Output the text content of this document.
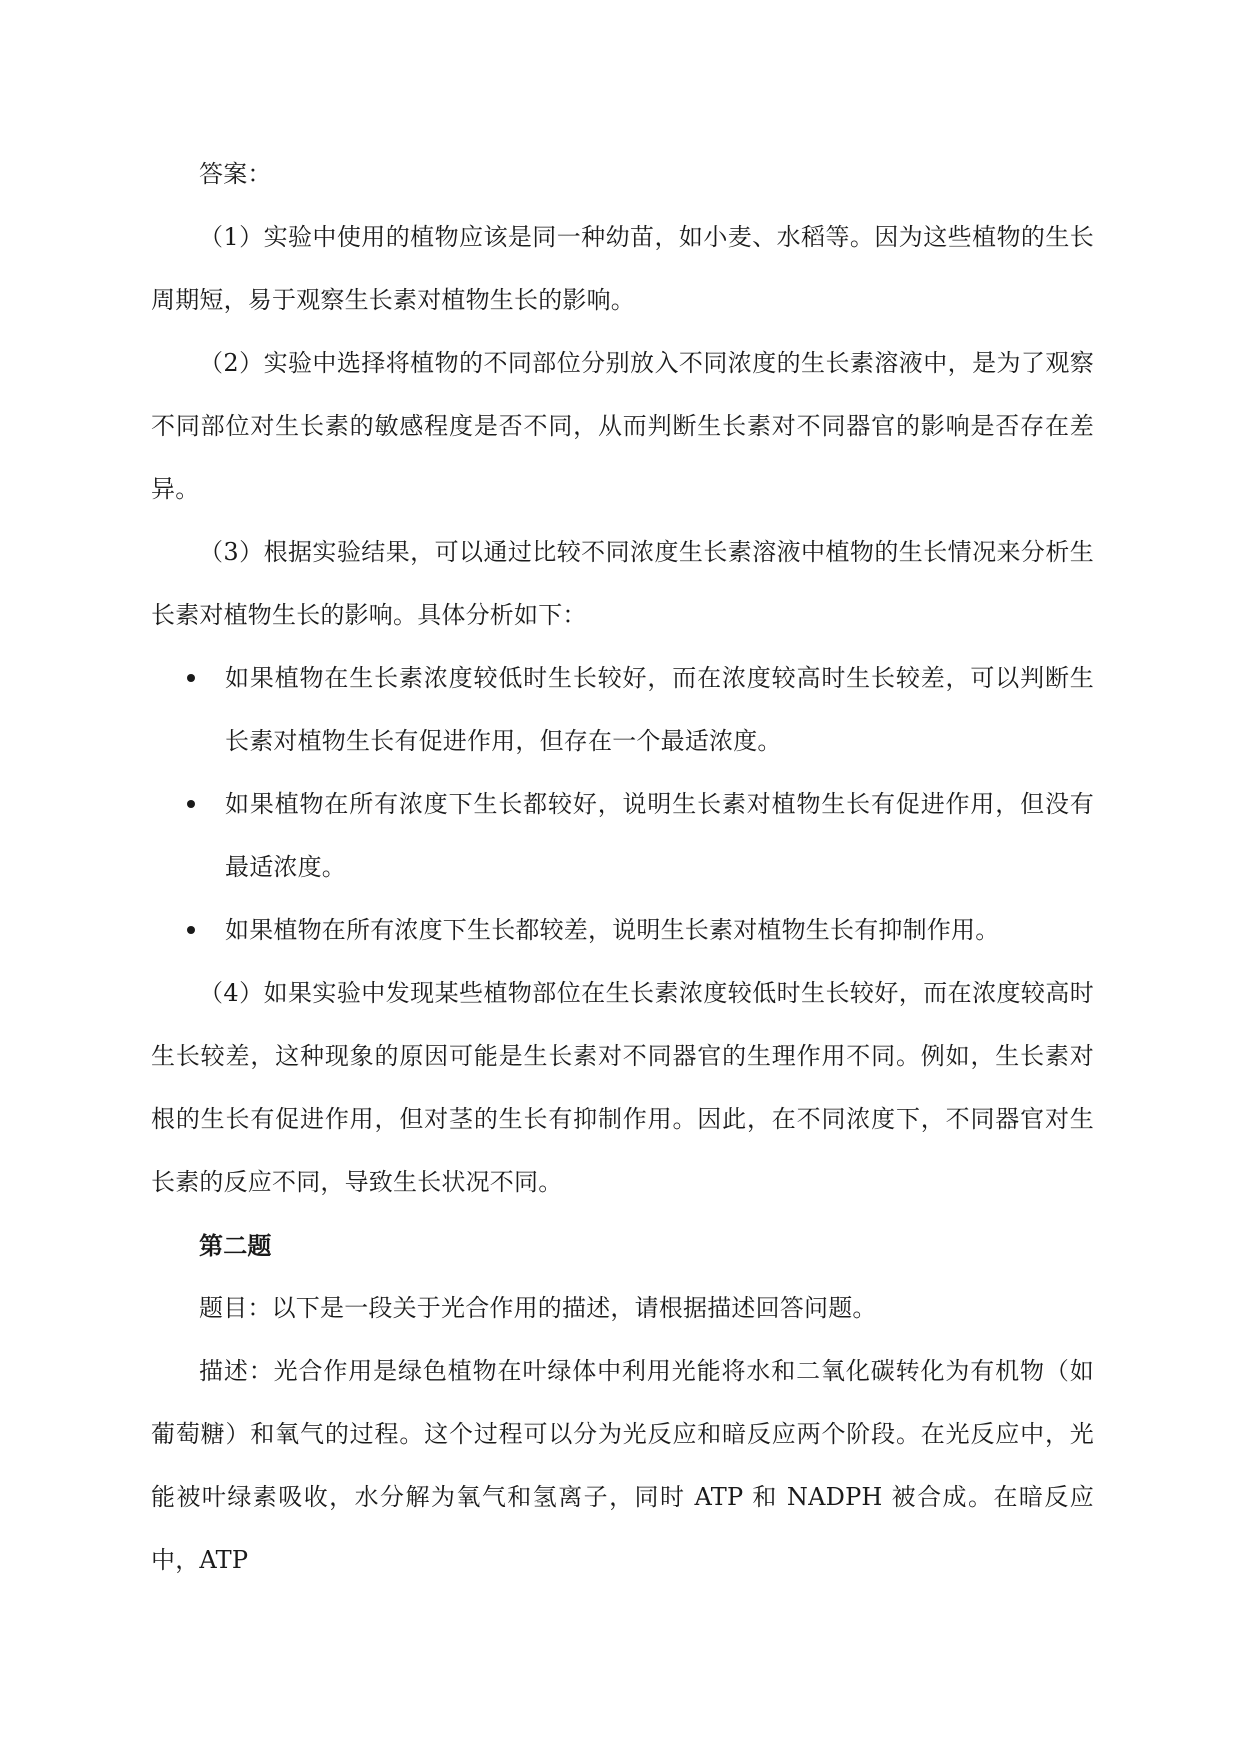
答案：

（1）实验中使用的植物应该是同一种幼苗，如小麦、水稻等。因为这些植物的生长周期短，易于观察生长素对植物生长的影响。

（2）实验中选择将植物的不同部位分别放入不同浓度的生长素溶液中，是为了观察不同部位对生长素的敏感程度是否不同，从而判断生长素对不同器官的影响是否存在差异。

（3）根据实验结果，可以通过比较不同浓度生长素溶液中植物的生长情况来分析生长素对植物生长的影响。具体分析如下：

如果植物在生长素浓度较低时生长较好，而在浓度较高时生长较差，可以判断生长素对植物生长有促进作用，但存在一个最适浓度。
如果植物在所有浓度下生长都较好，说明生长素对植物生长有促进作用，但没有最适浓度。
如果植物在所有浓度下生长都较差，说明生长素对植物生长有抑制作用。

（4）如果实验中发现某些植物部位在生长素浓度较低时生长较好，而在浓度较高时生长较差，这种现象的原因可能是生长素对不同器官的生理作用不同。例如，生长素对根的生长有促进作用，但对茎的生长有抑制作用。因此，在不同浓度下，不同器官对生长素的反应不同，导致生长状况不同。

第二题

题目：以下是一段关于光合作用的描述，请根据描述回答问题。

描述：光合作用是绿色植物在叶绿体中利用光能将水和二氧化碳转化为有机物（如葡萄糖）和氧气的过程。这个过程可以分为光反应和暗反应两个阶段。在光反应中，光能被叶绿素吸收，水分解为氧气和氢离子，同时 ATP 和 NADPH 被合成。在暗反应中，ATP
